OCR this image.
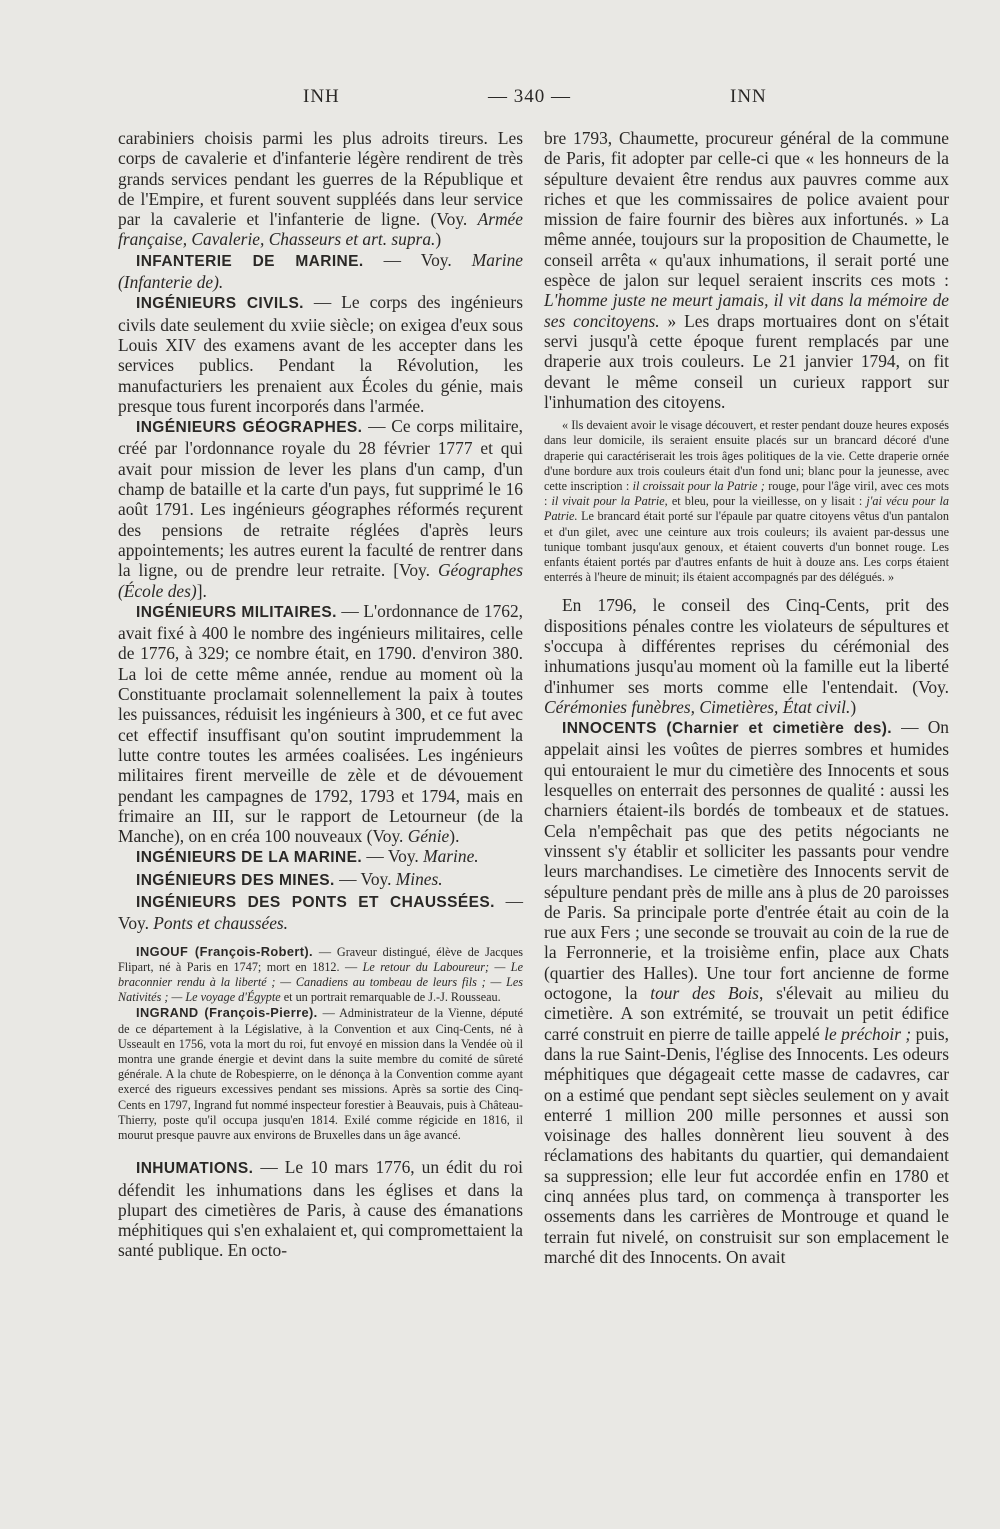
INH	— 340 —	INN

carabiniers choisis parmi les plus adroits tireurs. Les corps de cavalerie et d'infanterie légère rendirent de très grands services pendant les guerres de la République et de l'Empire, et furent souvent suppléés dans leur service par la cavalerie et l'infanterie de ligne. (Voy. Armée française, Cavalerie, Chasseurs et art. supra.)

INFANTERIE DE MARINE. — Voy. Marine (Infanterie de).

INGÉNIEURS CIVILS. — Le corps des ingénieurs civils date seulement du xviie siècle; on exigea d'eux sous Louis XIV des examens avant de les accepter dans les services publics. Pendant la Révolution, les manufacturiers les prenaient aux Écoles du génie, mais presque tous furent incorporés dans l'armée.

INGÉNIEURS GÉOGRAPHES. — Ce corps militaire, créé par l'ordonnance royale du 28 février 1777 et qui avait pour mission de lever les plans d'un camp, d'un champ de bataille et la carte d'un pays, fut supprimé le 16 août 1791. Les ingénieurs géographes réformés reçurent des pensions de retraite réglées d'après leurs appointements; les autres eurent la faculté de rentrer dans la ligne, ou de prendre leur retraite. [Voy. Géographes (École des)].

INGÉNIEURS MILITAIRES. — L'ordonnance de 1762, avait fixé à 400 le nombre des ingénieurs militaires, celle de 1776, à 329; ce nombre était, en 1790. d'environ 380. La loi de cette même année, rendue au moment où la Constituante proclamait solennellement la paix à toutes les puissances, réduisit les ingénieurs à 300, et ce fut avec cet effectif insuffisant qu'on soutint imprudemment la lutte contre toutes les armées coalisées. Les ingénieurs militaires firent merveille de zèle et de dévouement pendant les campagnes de 1792, 1793 et 1794, mais en frimaire an III, sur le rapport de Letourneur (de la Manche), on en créa 100 nouveaux (Voy. Génie).

INGÉNIEURS DE LA MARINE. — Voy. Marine.

INGÉNIEURS DES MINES. — Voy. Mines.

INGÉNIEURS DES PONTS ET CHAUSSÉES. — Voy. Ponts et chaussées.

INGOUF (François-Robert). — Graveur distingué, élève de Jacques Flipart, né à Paris en 1747; mort en 1812. — Le retour du Laboureur; — Le braconnier rendu à la liberté ; — Canadiens au tombeau de leurs fils ; — Les Nativités ; — Le voyage d'Égypte et un portrait remarquable de J.-J. Rousseau.

INGRAND (François-Pierre). — Administrateur de la Vienne, député de ce département à la Législative, à la Convention et aux Cinq-Cents, né à Usseault en 1756, vota la mort du roi, fut envoyé en mission dans la Vendée où il montra une grande énergie et devint dans la suite membre du comité de sûreté générale. A la chute de Robespierre, on le dénonça à la Convention comme ayant exercé des rigueurs excessives pendant ses missions. Après sa sortie des Cinq-Cents en 1797, Ingrand fut nommé inspecteur forestier à Beauvais, puis à Château-Thierry, poste qu'il occupa jusqu'en 1814. Exilé comme régicide en 1816, il mourut presque pauvre aux environs de Bruxelles dans un âge avancé.

INHUMATIONS. — Le 10 mars 1776, un édit du roi défendit les inhumations dans les églises et dans la plupart des cimetières de Paris, à cause des émanations méphitiques qui s'en exhalaient et, qui compromettaient la santé publique. En octo-

bre 1793, Chaumette, procureur général de la commune de Paris, fit adopter par celle-ci que « les honneurs de la sépulture devaient être rendus aux pauvres comme aux riches et que les commissaires de police avaient pour mission de faire fournir des bières aux infortunés. » La même année, toujours sur la proposition de Chaumette, le conseil arrêta « qu'aux inhumations, il serait porté une espèce de jalon sur lequel seraient inscrits ces mots : L'homme juste ne meurt jamais, il vit dans la mémoire de ses concitoyens. » Les draps mortuaires dont on s'était servi jusqu'à cette époque furent remplacés par une draperie aux trois couleurs. Le 21 janvier 1794, on fit devant le même conseil un curieux rapport sur l'inhumation des citoyens.

« Ils devaient avoir le visage découvert, et rester pendant douze heures exposés dans leur domicile, ils seraient ensuite placés sur un brancard décoré d'une draperie qui caractériserait les trois âges politiques de la vie. Cette draperie ornée d'une bordure aux trois couleurs était d'un fond uni; blanc pour la jeunesse, avec cette inscription : il croissait pour la Patrie ; rouge, pour l'âge viril, avec ces mots : il vivait pour la Patrie, et bleu, pour la vieillesse, on y lisait : j'ai vécu pour la Patrie. Le brancard était porté sur l'épaule par quatre citoyens vêtus d'un pantalon et d'un gilet, avec une ceinture aux trois couleurs; ils avaient par-dessus une tunique tombant jusqu'aux genoux, et étaient couverts d'un bonnet rouge. Les enfants étaient portés par d'autres enfants de huit à douze ans. Les corps étaient enterrés à l'heure de minuit; ils étaient accompagnés par des délégués. »

En 1796, le conseil des Cinq-Cents, prit des dispositions pénales contre les violateurs de sépultures et s'occupa à différentes reprises du cérémonial des inhumations jusqu'au moment où la famille eut la liberté d'inhumer ses morts comme elle l'entendait. (Voy. Cérémonies funèbres, Cimetières, État civil.)

INNOCENTS (Charnier et cimetière des). — On appelait ainsi les voûtes de pierres sombres et humides qui entouraient le mur du cimetière des Innocents et sous lesquelles on enterrait des personnes de qualité : aussi les charniers étaient-ils bordés de tombeaux et de statues. Cela n'empêchait pas que des petits négociants ne vinssent s'y établir et solliciter les passants pour vendre leurs marchandises. Le cimetière des Innocents servit de sépulture pendant près de mille ans à plus de 20 paroisses de Paris. Sa principale porte d'entrée était au coin de la rue aux Fers ; une seconde se trouvait au coin de la rue de la Ferronnerie, et la troisième enfin, place aux Chats (quartier des Halles). Une tour fort ancienne de forme octogone, la tour des Bois, s'élevait au milieu du cimetière. A son extrémité, se trouvait un petit édifice carré construit en pierre de taille appelé le préchoir ; puis, dans la rue Saint-Denis, l'église des Innocents. Les odeurs méphitiques que dégageait cette masse de cadavres, car on a estimé que pendant sept siècles seulement on y avait enterré 1 million 200 mille personnes et aussi son voisinage des halles donnèrent lieu souvent à des réclamations des habitants du quartier, qui demandaient sa suppression; elle leur fut accordée enfin en 1780 et cinq années plus tard, on commença à transporter les ossements dans les carrières de Montrouge et quand le terrain fut nivelé, on construisit sur son emplacement le marché dit des Innocents. On avait
